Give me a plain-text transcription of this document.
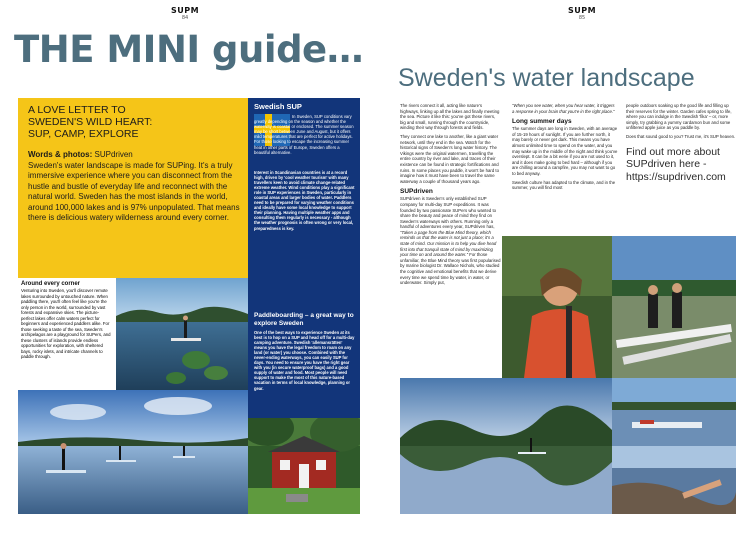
SUPM
84
THE MINI guide…
A LOVE LETTER TO
SWEDEN'S WILD HEART:
SUP, CAMP, EXPLORE
Words & photos: SUPdriven
Sweden's water landscape is made for SUPing. It's a truly immersive experience where you can disconnect from the hustle and bustle of everyday life and reconnect with the natural world. Sweden has the most islands in the world, around 100,000 lakes and is 97% unpopulated. That means there is delicious watery wilderness around every corner.
Around every corner
Venturing into Sweden, you'll discover remote lakes surrounded by untouched nature. When paddling there, you'll often feel like you're the only person in the world, surrounded by vast forests and expansive skies. The picture-perfect lakes offer calm waters perfect for beginners and experienced paddlers alike. For those seeking a taste of the sea, Sweden's archipelagos are a playground for SUPers, and these clusters of islands provide endless opportunities for exploration, with sheltered bays, rocky islets, and intricate channels to paddle through.
Swedish SUP
In Sweden, SUP conditions vary greatly depending on the season and whether the waterway is coastal or enclosed. The summer season may be short between June and August, but it offers mild temperatures that are perfect for active holidays. For those looking to escape the increasing summer heat in other parts of Europe, Sweden offers a beautiful alternative.
Interest in Scandinavian countries is at a record high, driven by 'cool weather tourism' with many travellers keen to avoid climate change-related extreme weather. Wind conditions play a significant role in SUP experiences in Sweden, particularly in coastal areas and larger bodies of water. Paddlers need to be prepared for varying weather conditions and ideally have some local knowledge to support their planning. Having multiple weather apps and consulting them regularly is necessary - although the weather prognosis is often wrong or very local, preparedness is key.
Paddleboarding – a great way to explore Sweden
One of the best ways to experience Sweden at its best is to hop on a SUP and head off for a multi-day camping adventure. Swedish 'allemansrätten' means you have the legal freedom to roam on any land (or water) you choose. Combined with the never-ending waterways, you can easily SUP for days. You need to ensure you have the right gear with you (in secure waterproof bags) and a good supply of water and food. Most people will need support to make the most of this nature-based vacation in terms of local knowledge, planning or gear.
SUPM
85
Sweden's water landscape
The rivers connect it all, acting like nature's highways, linking up all the lakes and finally meeting the sea. Picture it like this: you've got these rivers, big and small, running through the countryside, winding their way through forests and fields.
They connect one lake to another, like a giant water network, until they end in the sea. Watch for the historical signs of Sweden's long water history. The Vikings were the original watermen, travelling the entire country by river and lake, and traces of their existence can be found in strategic fortifications and ruins. In some places you paddle, it won't be hard to imagine how it must have been to travel the same waterway a couple of thousand years ago.
SUPdriven
SUPdriven is Sweden's only established SUP company for multi-day SUP expeditions. It was founded by two passionate SUPers who wanted to share the beauty and peace of mind they find on Sweden's waterways with others. Running only a handful of adventures every year, SUPdriven has, "Taken a page from the Blue Mind theory, which reminds us that the water is not just a place; it's a state of mind. Our mission is to help you dive head first into that tranquil state of mind by maximizing your time on and around the water." For those unfamiliar, the Blue Mind theory was first popularised by marine biologist Dr. Wallace Nichols, who studied the cognitive and emotional benefits that we derive every time we spend time by water, in water, or underwater. Simply put,
"When you see water, when you hear water, it triggers a response in your brain that you're in the right place."
Long summer days
The summer days are long in Sweden, with an average of 15-19 hours of sunlight. If you are further north, it may barely or never get dark. This means you have almost unlimited time to spend on the water, and you may wake up in the middle of the night and think you've overslept. It can be a bit eerie if you are not used to it, and it does make going to bed hard – although if you are chilling around a campfire, you may not want to go to bed anyway.
Swedish culture has adapted to the climate, and in the summer, you will find most
people outdoors soaking up the good life and filling up their reserves for the winter. Garden cafes spring to life, where you can indulge in the Swedish 'fika' – or, more simply, try grabbing a yummy cardamon bun and some unfiltered apple juice as you paddle by.
Does that sound good to you? Trust me, it's SUP heaven.
Find out more about SUPdriven here - https://supdriven.com
